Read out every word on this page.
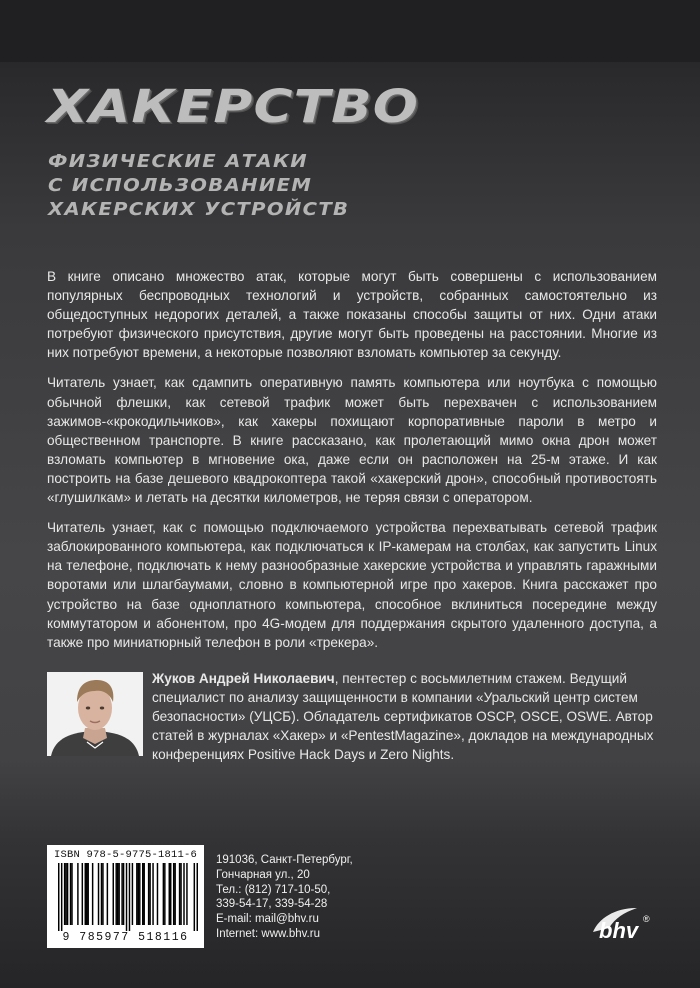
ХАКЕРСТВО
ФИЗИЧЕСКИЕ АТАКИ
С ИСПОЛЬЗОВАНИЕМ
ХАКЕРСКИХ УСТРОЙСТВ

В книге описано множество атак, которые могут быть совершены с использованием популярных беспроводных технологий и устройств, собранных самостоятельно из общедоступных недорогих деталей, а также показаны способы защиты от них. Одни атаки потребуют физического присутствия, другие могут быть проведены на расстоянии. Многие из них потребуют времени, а некоторые позволяют взломать компьютер за секунду.

Читатель узнает, как сдампить оперативную память компьютера или ноутбука с помощью обычной флешки, как сетевой трафик может быть перехвачен с использованием зажимов-«крокодильчиков», как хакеры похищают корпоративные пароли в метро и общественном транспорте. В книге рассказано, как пролетающий мимо окна дрон может взломать компьютер в мгновение ока, даже если он расположен на 25-м этаже. И как построить на базе дешевого квадрокоптера такой «хакерский дрон», способный противостоять «глушилкам» и летать на десятки километров, не теряя связи с оператором.

Читатель узнает, как с помощью подключаемого устройства перехватывать сетевой трафик заблокированного компьютера, как подключаться к IP-камерам на столбах, как запустить Linux на телефоне, подключать к нему разнообразные хакерские устройства и управлять гаражными воротами или шлагбаумами, словно в компьютерной игре про хакеров. Книга расскажет про устройство на базе одноплатного компьютера, способное вклиниться посередине между коммутатором и абонентом, про 4G-модем для поддержания скрытого удаленного доступа, а также про миниатюрный телефон в роли «трекера».

Жуков Андрей Николаевич, пентестер с восьмилетним стажем. Ведущий специалист по анализу защищенности в компании «Уральский центр систем безопасности» (УЦСБ). Обладатель сертификатов OSCP, OSCE, OSWE. Автор статей в журналах «Хакер» и «PentestMagazine», докладов на международных конференциях Positive Hack Days и Zero Nights.

ISBN 978-5-9775-1811-6
9 785977 518116
191036, Санкт-Петербург,
Гончарная ул., 20
Тел.: (812) 717-10-50,
339-54-17, 339-54-28
E-mail: mail@bhv.ru
Internet: www.bhv.ru	bhv ®
